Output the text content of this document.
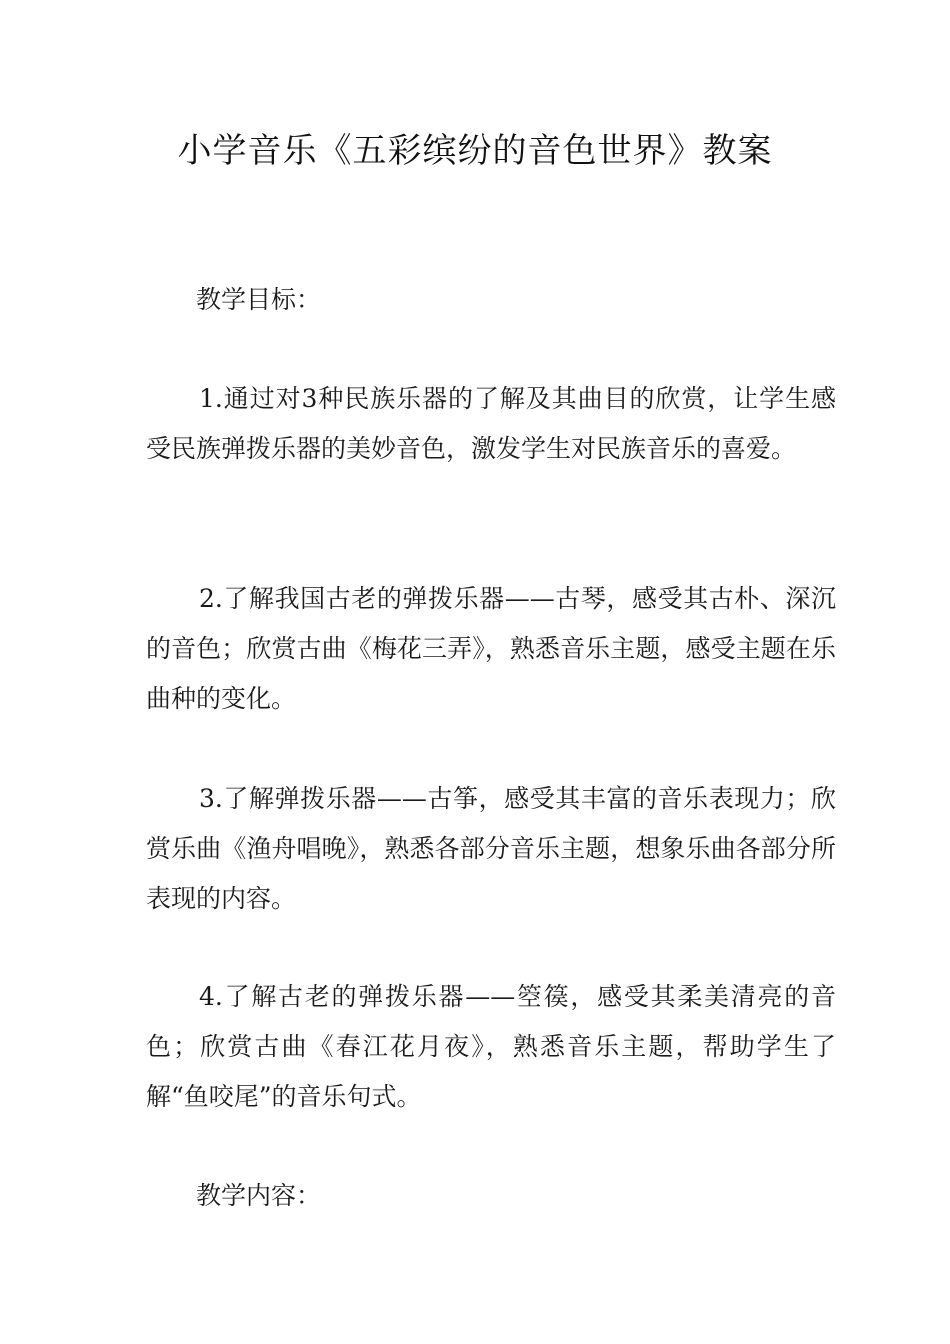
小学音乐《五彩缤纷的音色世界》教案
教学目标：
1.通过对3种民族乐器的了解及其曲目的欣赏，让学生感受民族弹拨乐器的美妙音色，激发学生对民族音乐的喜爱。
2.了解我国古老的弹拨乐器——古琴，感受其古朴、深沉的音色；欣赏古曲《梅花三弄》，熟悉音乐主题，感受主题在乐曲种的变化。
3.了解弹拨乐器——古筝，感受其丰富的音乐表现力；欣赏乐曲《渔舟唱晚》，熟悉各部分音乐主题，想象乐曲各部分所表现的内容。
4.了解古老的弹拨乐器——箜篌，感受其柔美清亮的音色；欣赏古曲《春江花月夜》，熟悉音乐主题，帮助学生了解“鱼咬尾”的音乐句式。
教学内容：
